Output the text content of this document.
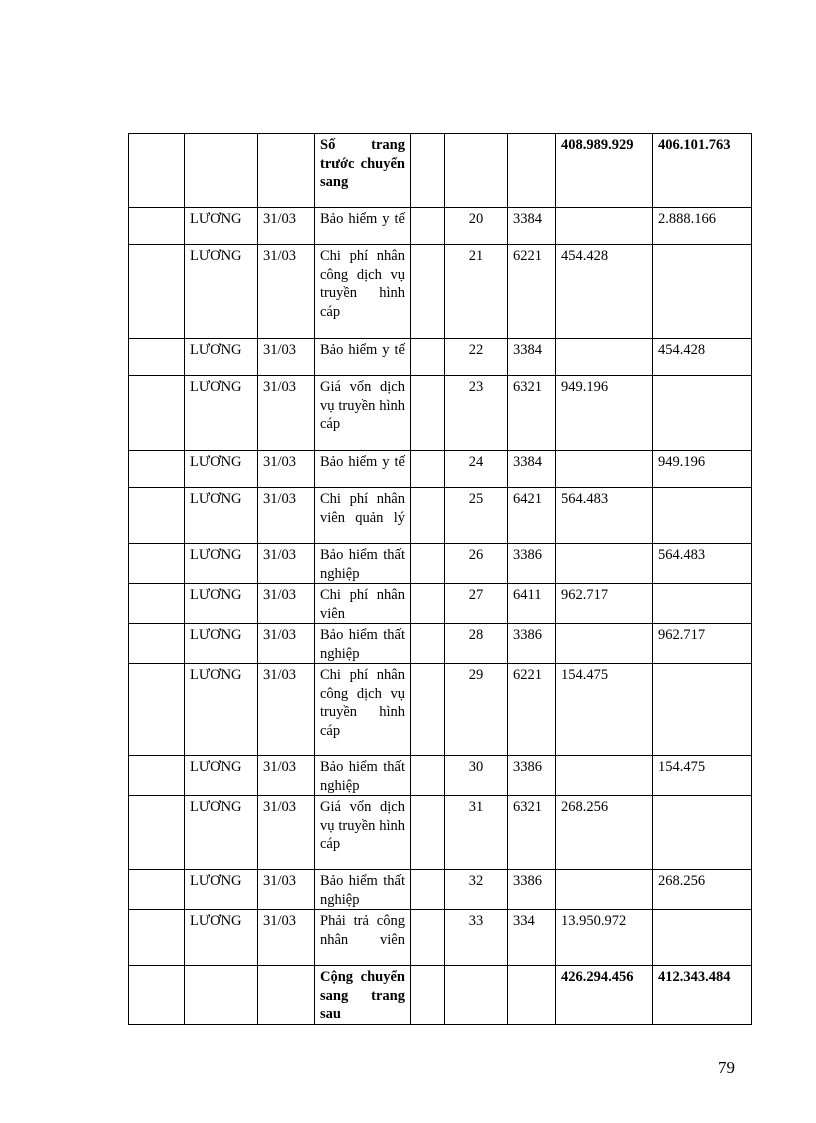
			Số trang trước chuyển sang				408.989.929	406.101.763
	LƯƠNG	31/03	Bảo hiểm y tế		20	3384		2.888.166
	LƯƠNG	31/03	Chi phí nhân công dịch vụ truyền hình cáp		21	6221	454.428	
	LƯƠNG	31/03	Bảo hiểm y tế		22	3384		454.428
	LƯƠNG	31/03	Giá vốn dịch vụ truyền hình cáp		23	6321	949.196	
	LƯƠNG	31/03	Bảo hiểm y tế		24	3384		949.196
	LƯƠNG	31/03	Chi phí nhân viên quản lý		25	6421	564.483	
	LƯƠNG	31/03	Bảo hiểm thất nghiệp		26	3386		564.483
	LƯƠNG	31/03	Chi phí nhân viên		27	6411	962.717	
	LƯƠNG	31/03	Bảo hiểm thất nghiệp		28	3386		962.717
	LƯƠNG	31/03	Chi phí nhân công dịch vụ truyền hình cáp		29	6221	154.475	
	LƯƠNG	31/03	Bảo hiểm thất nghiệp		30	3386		154.475
	LƯƠNG	31/03	Giá vốn dịch vụ truyền hình cáp		31	6321	268.256	
	LƯƠNG	31/03	Bảo hiểm thất nghiệp		32	3386		268.256
	LƯƠNG	31/03	Phải trả công nhân viên		33	334	13.950.972	
			Cộng chuyển sang trang sau				426.294.456	412.343.484
79
